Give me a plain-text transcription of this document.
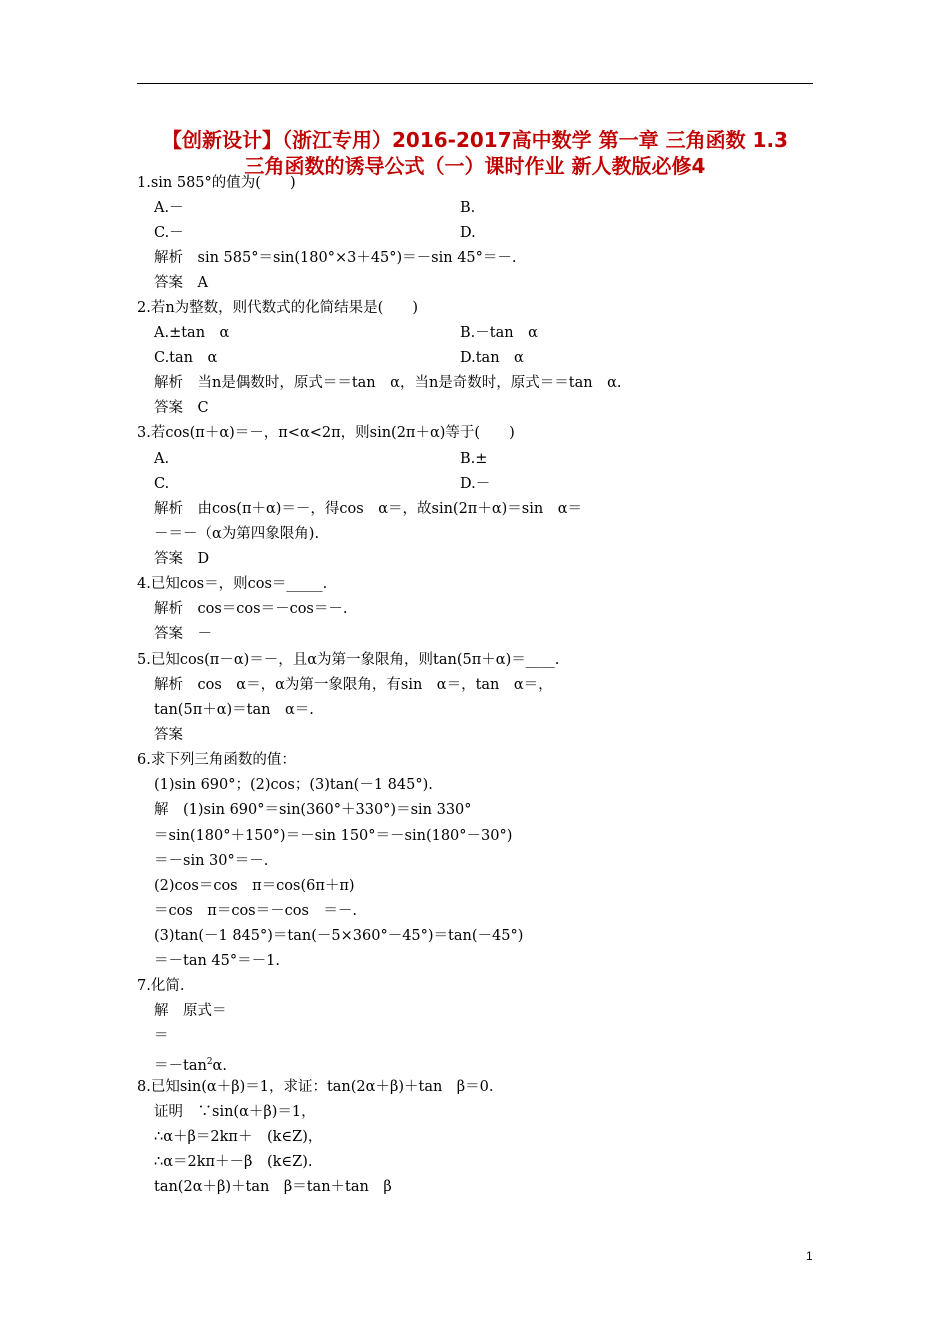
【创新设计】（浙江专用）2016-2017高中数学 第一章 三角函数 1.3
三角函数的诱导公式（一）课时作业 新人教版必修4
1.sin 585°的值为(　　)
A.－	B.
C.－	D.
解析　sin 585°＝sin(180°×3＋45°)＝－sin 45°＝－.
答案　A
2.若n为整数，则代数式的化简结果是(　　)
A.±tan　α	B.－tan　α
C.tan　α	D.tan　α
解析　当n是偶数时，原式＝＝tan　α，当n是奇数时，原式＝＝tan　α.
答案　C
3.若cos(π＋α)＝－，π<α<2π，则sin(2π＋α)等于(　　)
A.	B.±
C.	D.－
解析　由cos(π＋α)＝－，得cos　α＝，故sin(2π＋α)＝sin　α＝
－＝－（α为第四象限角).
答案　D
4.已知cos＝，则cos＝_____.
解析　cos＝cos＝－cos＝－.
答案　－
5.已知cos(π－α)＝－，且α为第一象限角，则tan(5π＋α)＝____.
解析　cos　α＝，α为第一象限角，有sin　α＝，tan　α＝，
tan(5π＋α)＝tan　α＝.
答案
6.求下列三角函数的值：
(1)sin 690°；(2)cos；(3)tan(－1 845°).
解　(1)sin 690°＝sin(360°＋330°)＝sin 330°
＝sin(180°＋150°)＝－sin 150°＝－sin(180°－30°)
＝－sin 30°＝－.
(2)cos＝cos　π＝cos(6π＋π)
＝cos　π＝cos＝－cos　＝－.
(3)tan(－1 845°)＝tan(－5×360°－45°)＝tan(－45°)
＝－tan 45°＝－1.
7.化简.
解　原式＝
＝
$=-\tan^2\alpha$.
8.已知sin(α＋β)＝1，求证：tan(2α＋β)＋tan　β＝0.
证明　∵sin(α＋β)＝1，
∴α＋β＝2kπ＋　(k∈Z)，
∴α＝2kπ＋－β　(k∈Z).
tan(2α＋β)＋tan　β＝tan＋tan　β
1
